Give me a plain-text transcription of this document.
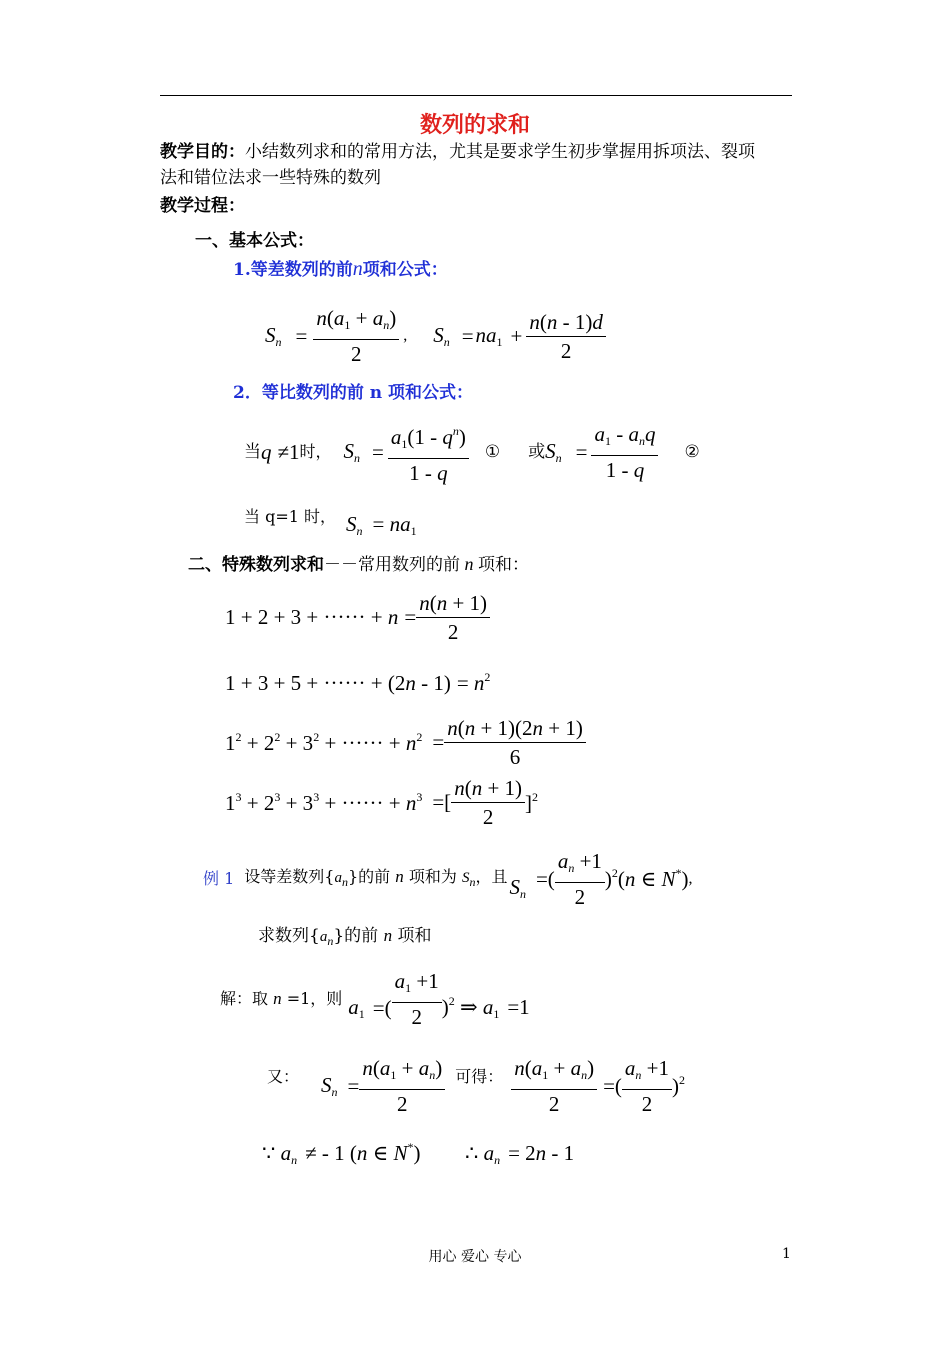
数列的求和
教学目的：小结数列求和的常用方法，尤其是要求学生初步掌握用拆项法、裂项
法和错位法求一些特殊的数列
教学过程：
一、基本公式：
1.等差数列的前n项和公式：
$Sn = \frac{n(a_1 + an)}{2}$ , $Sn = na_1 + \frac{n(n - 1)d}{2}$
2．等比数列的前 n 项和公式：
当 q ≠1 时， $Sn = \frac{a_1(1 - q^n)}{1 - q}$ ① 或 $Sn = \frac{a_1 - anq}{1 - q}$ ②
当 q=1 时， $Sn = na_1$
二、特殊数列求和－－常用数列的前 n 项和：
1 + 2 + 3 + ······ + $n = \frac{n(n + 1)}{2}$
1 + 3 + 5 + ······ + $(2n - 1) = n^2$
$1^2 + 2^2 + 3^2$ + ······ + $n^2 = \frac{n(n + 1)(2n + 1)}{6}$
$1^3 + 2^3 + 3^3$ + ······ + $n^3$ =[ $\frac{n(n + 1)}{2} ]^2$
例 1 设等差数列$\{a_n\}$的前 n 项和为 $S_n$，且 Sn
=( $\frac{an +1}{2} )^2(n$ ∈ N*) ,
求数列$\{a_n\}$的前 n 项和
解：取 n =1，则 $a_1$ =( $\frac{a_1 +1}{2} )^2$ ⇒ $a_1 =1$
又： $Sn = \frac{n(a_1 + an)}{2}$ 可得： $\frac{n(a_1 + an)}{2}$ =( $\frac{an +1}{2} )^2$
∵ an ≠ - 1 (n ∈ N*) ∴ an = 2n - 1
用心 爱心 专心	1
